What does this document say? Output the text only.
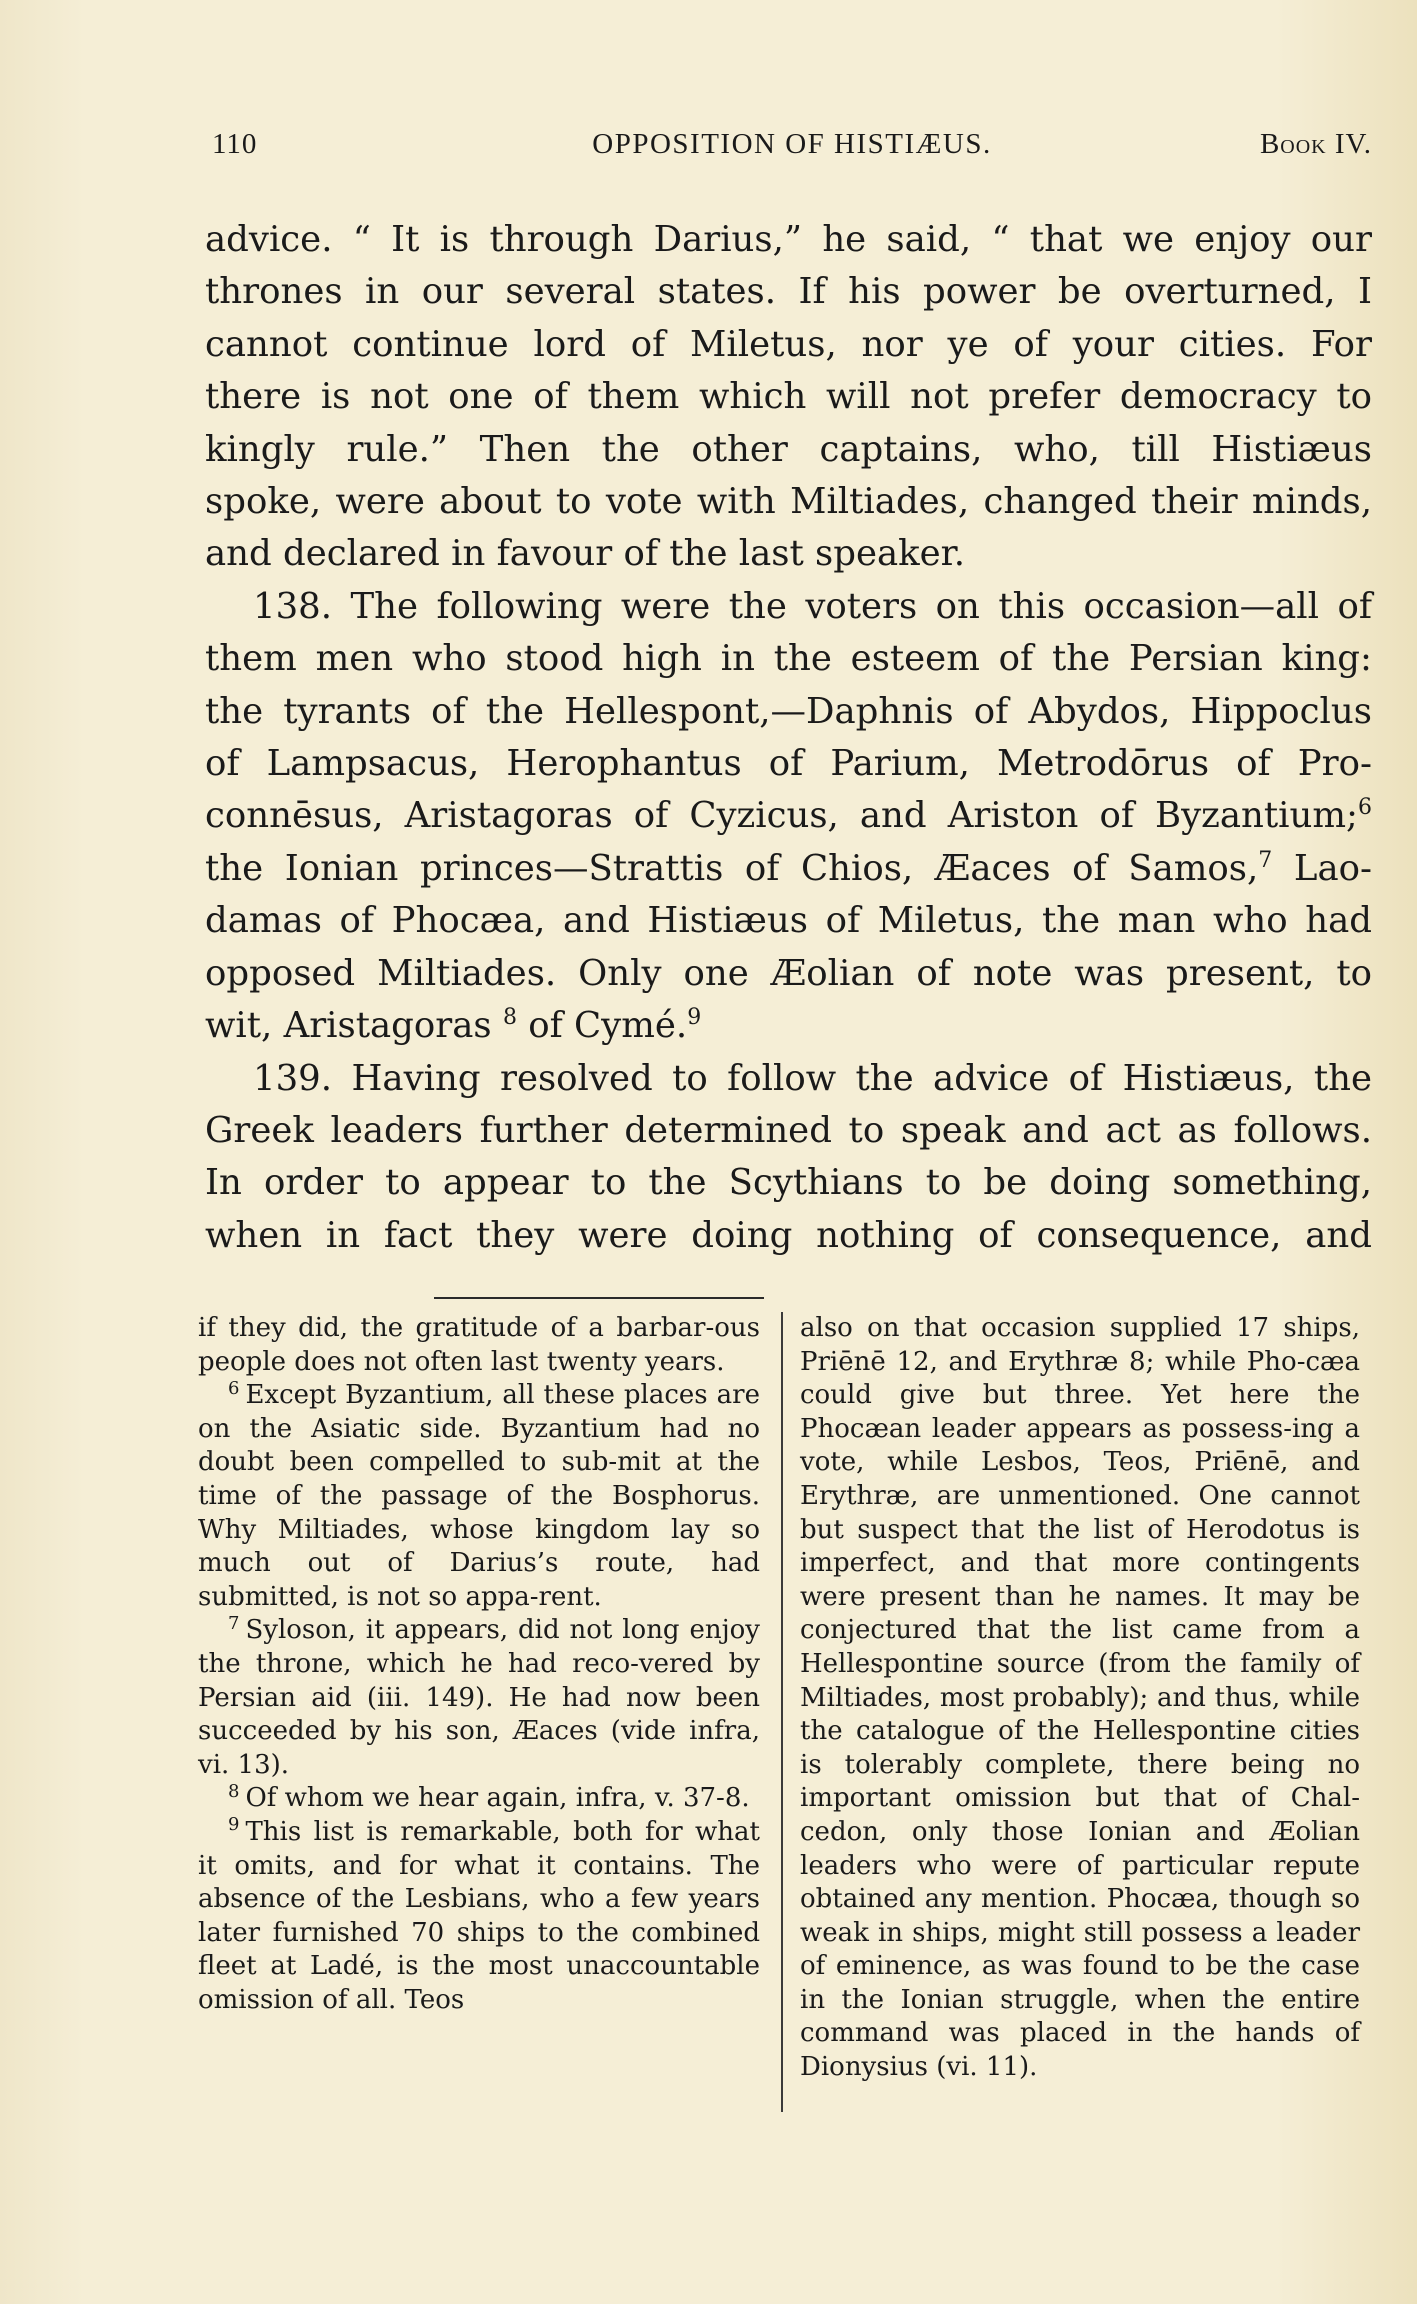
110	OPPOSITION OF HISTIÆUS.	Book IV.

advice. “ It is through Darius,” he said, “ that we enjoy our

thrones in our several states. If his power be overturned, I

cannot continue lord of Miletus, nor ye of your cities. For

there is not one of them which will not prefer democracy to

kingly rule.” Then the other captains, who, till Histiæus

spoke, were about to vote with Miltiades, changed their minds,

and declared in favour of the last speaker.

138. The following were the voters on this occasion—all of

them men who stood high in the esteem of the Persian king:

the tyrants of the Hellespont,—Daphnis of Abydos, Hippoclus

of Lampsacus, Herophantus of Parium, Metrodōrus of Pro-

connēsus, Aristagoras of Cyzicus, and Ariston of Byzantium;$^6$

the Ionian princes—Strattis of Chios, Æaces of Samos,$^7$ Lao-

damas of Phocæa, and Histiæus of Miletus, the man who had

opposed Miltiades. Only one Æolian of note was present, to

wit, Aristagoras $^8$ of Cymé.$^9$

139. Having resolved to follow the advice of Histiæus, the

Greek leaders further determined to speak and act as follows.

In order to appear to the Scythians to be doing something,

when in fact they were doing nothing of consequence, and

if they did, the gratitude of a barbar-ous people does not often last twenty years.

$^6$ Except Byzantium, all these places are on the Asiatic side. Byzantium had no doubt been compelled to sub-mit at the time of the passage of the Bosphorus. Why Miltiades, whose kingdom lay so much out of Darius’s route, had submitted, is not so appa-rent.

$^7$ Syloson, it appears, did not long enjoy the throne, which he had reco-vered by Persian aid (iii. 149). He had now been succeeded by his son, Æaces (vide infra, vi. 13).

$^8$ Of whom we hear again, infra, v. 37-8.

$^9$ This list is remarkable, both for what it omits, and for what it contains. The absence of the Lesbians, who a few years later furnished 70 ships to the combined fleet at Ladé, is the most unaccountable omission of all. Teos

also on that occasion supplied 17 ships, Priēnē 12, and Erythræ 8; while Pho-cæa could give but three. Yet here the Phocæan leader appears as possess-ing a vote, while Lesbos, Teos, Priēnē, and Erythræ, are unmentioned. One cannot but suspect that the list of Herodotus is imperfect, and that more contingents were present than he names. It may be conjectured that the list came from a Hellespontine source (from the family of Miltiades, most probably); and thus, while the catalogue of the Hellespontine cities is tolerably complete, there being no important omission but that of Chal-cedon, only those Ionian and Æolian leaders who were of particular repute obtained any mention. Phocæa, though so weak in ships, might still possess a leader of eminence, as was found to be the case in the Ionian struggle, when the entire command was placed in the hands of Dionysius (vi. 11).
